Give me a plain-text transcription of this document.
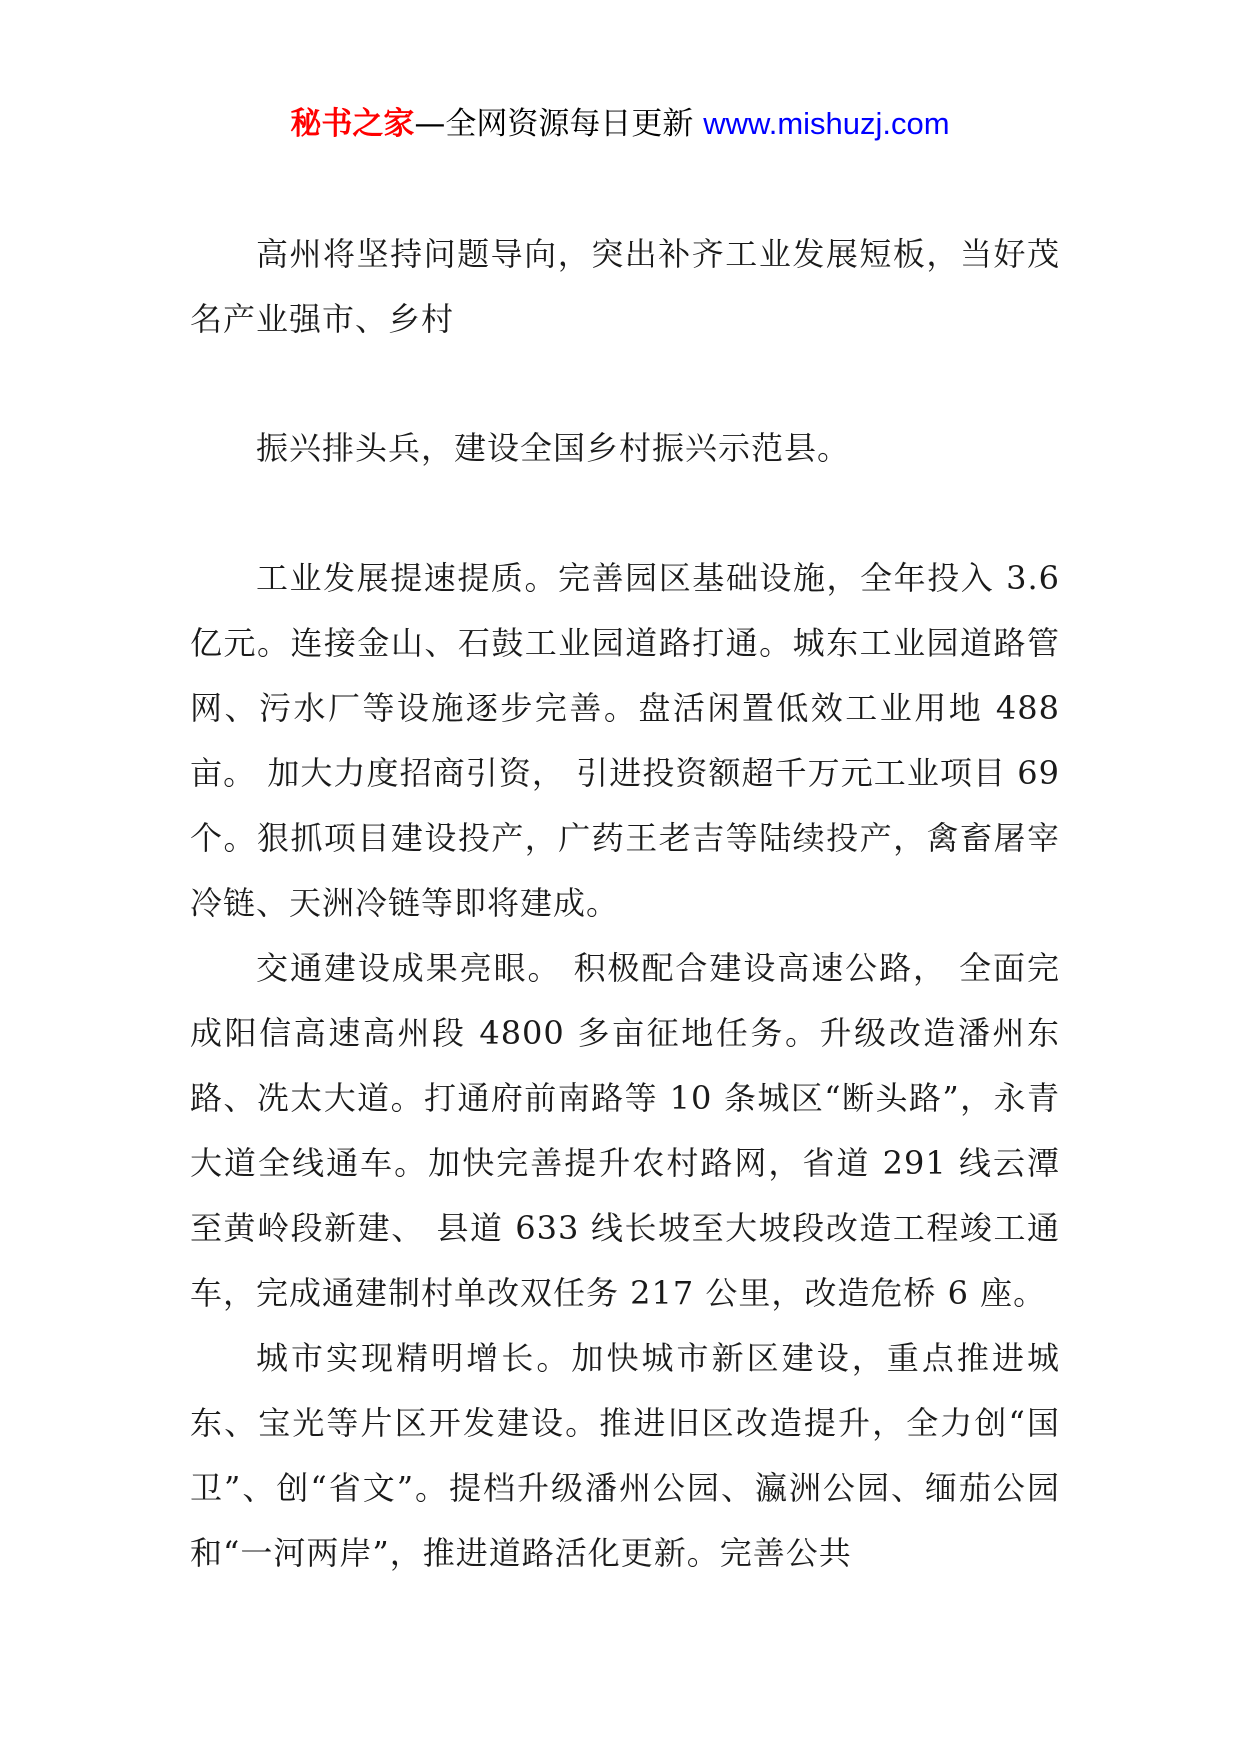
秘书之家—全网资源每日更新 www.mishuzj.com

高州将坚持问题导向，突出补齐工业发展短板，当好茂名产业强市、乡村

振兴排头兵，建设全国乡村振兴示范县。

工业发展提速提质。完善园区基础设施，全年投入 3.6 亿元。连接金山、石鼓工业园道路打通。城东工业园道路管网、污水厂等设施逐步完善。盘活闲置低效工业用地 488 亩。 加大力度招商引资， 引进投资额超千万元工业项目 69 个。狠抓项目建设投产，广药王老吉等陆续投产，禽畜屠宰冷链、天洲冷链等即将建成。

交通建设成果亮眼。 积极配合建设高速公路， 全面完成阳信高速高州段 4800 多亩征地任务。升级改造潘州东路、冼太大道。打通府前南路等 10 条城区“断头路”，永青大道全线通车。加快完善提升农村路网，省道 291 线云潭至黄岭段新建、 县道 633 线长坡至大坡段改造工程竣工通车，完成通建制村单改双任务 217 公里，改造危桥 6 座。

城市实现精明增长。加快城市新区建设，重点推进城东、宝光等片区开发建设。推进旧区改造提升，全力创“国卫”、创“省文”。提档升级潘州公园、瀛洲公园、缅茄公园和“一河两岸”，推进道路活化更新。完善公共
